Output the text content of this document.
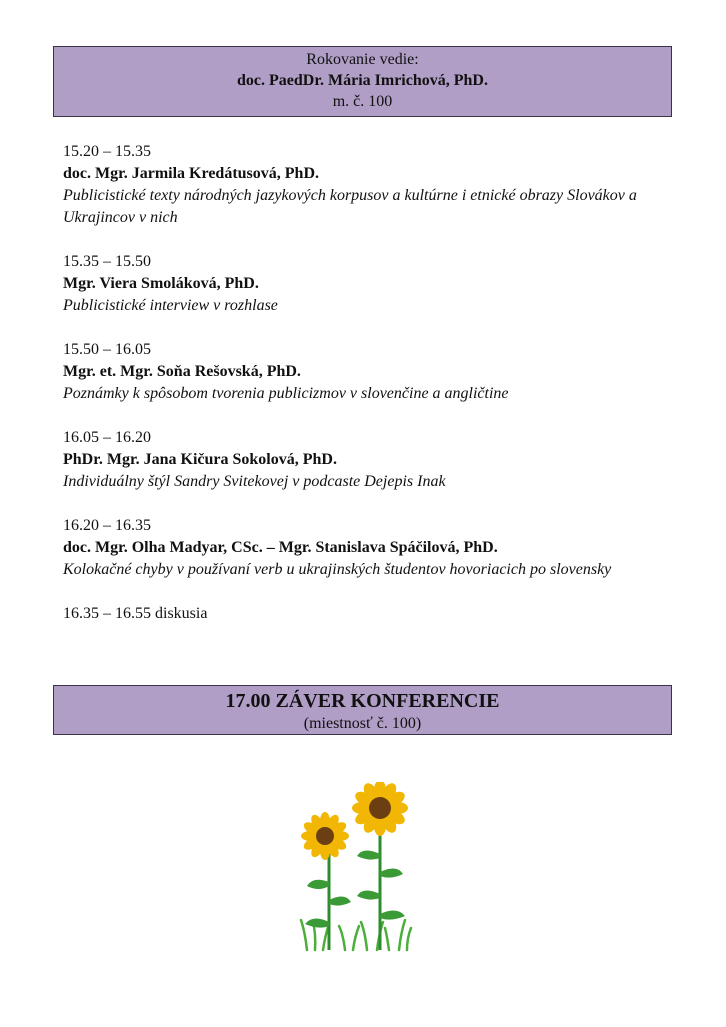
Rokovanie vedie:
doc. PaedDr. Mária Imrichová, PhD.
m. č. 100
15.20 – 15.35
doc. Mgr. Jarmila Kredátusová, PhD.
Publicistické texty národných jazykových korpusov a kultúrne i etnické obrazy Slovákov a Ukrajincov v nich
15.35 – 15.50
Mgr. Viera Smoláková, PhD.
Publicistické interview v rozhlase
15.50 – 16.05
Mgr. et. Mgr. Soňa Rešovská, PhD.
Poznámky k spôsobom tvorenia publicizmov v slovenčine a angličtine
16.05 – 16.20
PhDr. Mgr. Jana Kičura Sokolová, PhD.
Individuálny štýl Sandry Svitekovej v podcaste Dejepis Inak
16.20 – 16.35
doc. Mgr. Olha Madyar, CSc. – Mgr. Stanislava Spáčilová, PhD.
Kolokačné chyby v používaní verb u ukrajinských študentov hovoriacich po slovensky
16.35 – 16.55 diskusia
17.00 ZÁVER KONFERENCIE
(miestnosť č. 100)
